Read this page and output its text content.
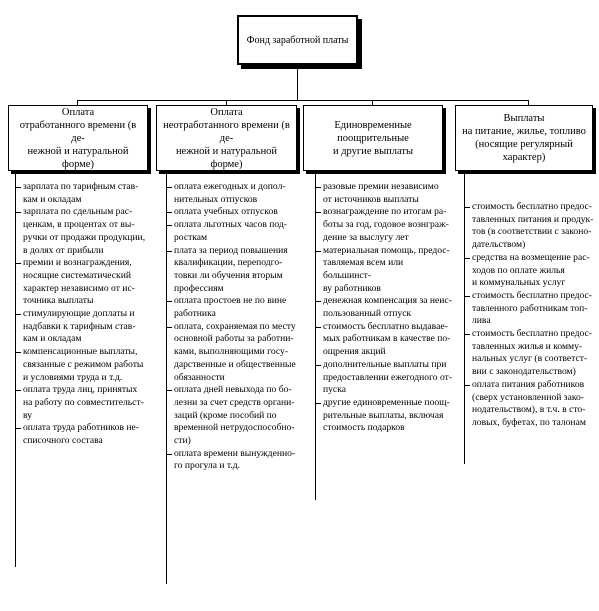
Фонд заработной платы
Оплата
отработанного времени (в де-
нежной и натуральной форме)
Оплата
неотработанного времени (в де-
нежной и натуральной форме)
Единовременные
поощрительные
и другие выплаты
Выплаты
на питание, жилье, топливо
(носящие регулярный характер)
зарплата по тарифным став-
кам и окладам
зарплата по сдельным рас-
ценкам, в процентах от вы-
ручки от продажи продукции,
в долях от прибыли
премии и вознаграждения,
носящие систематический
характер независимо от ис-
точника выплаты
стимулирующие доплаты и
надбавки к тарифным став-
кам и окладам
компенсационные выплаты,
связанные с режимом работы
и условиями труда и т.д.
оплата труда лиц, принятых
на работу по совместительст-
ву
оплата труда работников не-
списочного состава
оплата ежегодных и допол-
нительных отпусков
оплата учебных отпусков
оплата льготных часов под-
росткам
плата за период повышения
квалификации, переподго-
товки ли обучения вторым
профессиям
оплата простоев не по вине
работника
оплата, сохраняемая по месту
основной работы за работни-
ками, выполняющими госу-
дарственные и общественные
обязанности
оплата дней невыхода по бо-
лезни за счет средств органи-
заций (кроме пособий по
временной нетрудоспособно-
сти)
оплата времени вынужденно-
го прогула и т.д.
разовые премии независимо
от источников выплаты
вознаграждение по итогам ра-
боты за год, годовое вознграж-
дение за выслугу лет
материальная помощь, предос-
тавляемая всем или большинст-
ву работников
денежная компенсация за неис-
пользованный отпуск
стоимость бесплатно выдавае-
мых работникам в качестве по-
ощрения акций
дополнительные выплаты при
предоставлении ежегодного от-
пуска
другие единовременные поощ-
рительные выплаты, включая
стоимость подарков
стоимость бесплатно предос-
тавленных питания и продук-
тов (в соответствии с законо-
дательством)
средства на возмещение рас-
ходов по оплате жилья
и коммунальных услуг
стоимость бесплатно предос-
тавленного работникам топ-
лива
стоимость бесплатно предос-
тавленных жилья и комму-
нальных услуг (в соответст-
вии с законодательством)
оплата питания работников
(сверх установленной зако-
нодательством), в т.ч. в сто-
ловых, буфетах, по талонам
